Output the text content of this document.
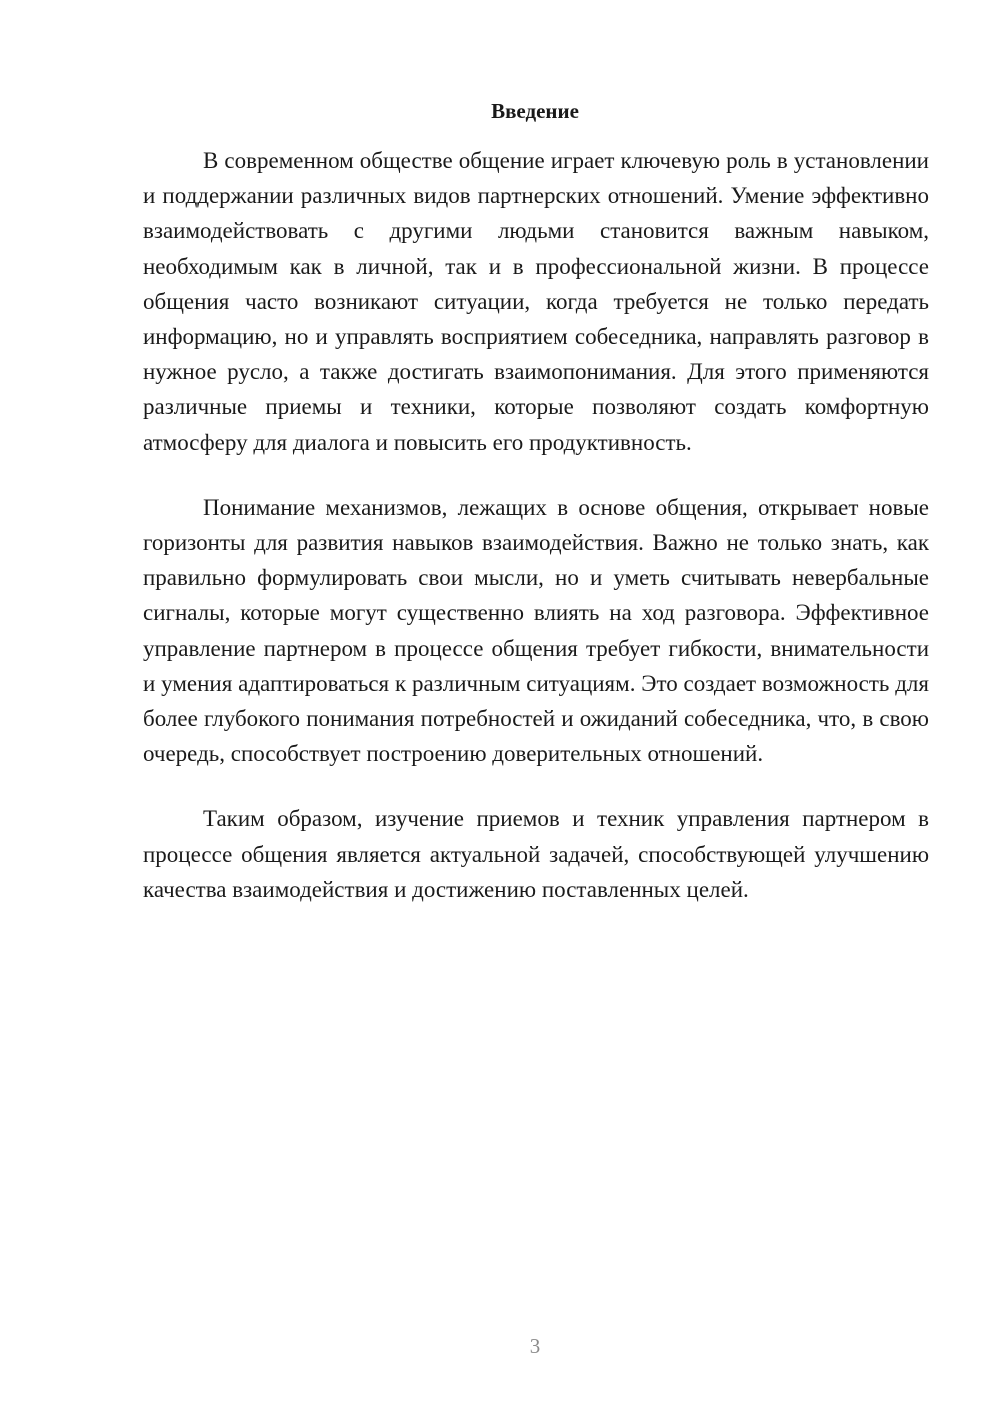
Введение

В современном обществе общение играет ключевую роль в установлении и поддержании различных видов партнерских отношений. Умение эффективно взаимодействовать с другими людьми становится важным навыком, необходимым как в личной, так и в профессиональной жизни. В процессе общения часто возникают ситуации, когда требуется не только передать информацию, но и управлять восприятием собеседника, направлять разговор в нужное русло, а также достигать взаимопонимания. Для этого применяются различные приемы и техники, которые позволяют создать комфортную атмосферу для диалога и повысить его продуктивность.

Понимание механизмов, лежащих в основе общения, открывает новые горизонты для развития навыков взаимодействия. Важно не только знать, как правильно формулировать свои мысли, но и уметь считывать невербальные сигналы, которые могут существенно влиять на ход разговора. Эффективное управление партнером в процессе общения требует гибкости, внимательности и умения адаптироваться к различным ситуациям. Это создает возможность для более глубокого понимания потребностей и ожиданий собеседника, что, в свою очередь, способствует построению доверительных отношений.

Таким образом, изучение приемов и техник управления партнером в процессе общения является актуальной задачей, способствующей улучшению качества взаимодействия и достижению поставленных целей.

3
